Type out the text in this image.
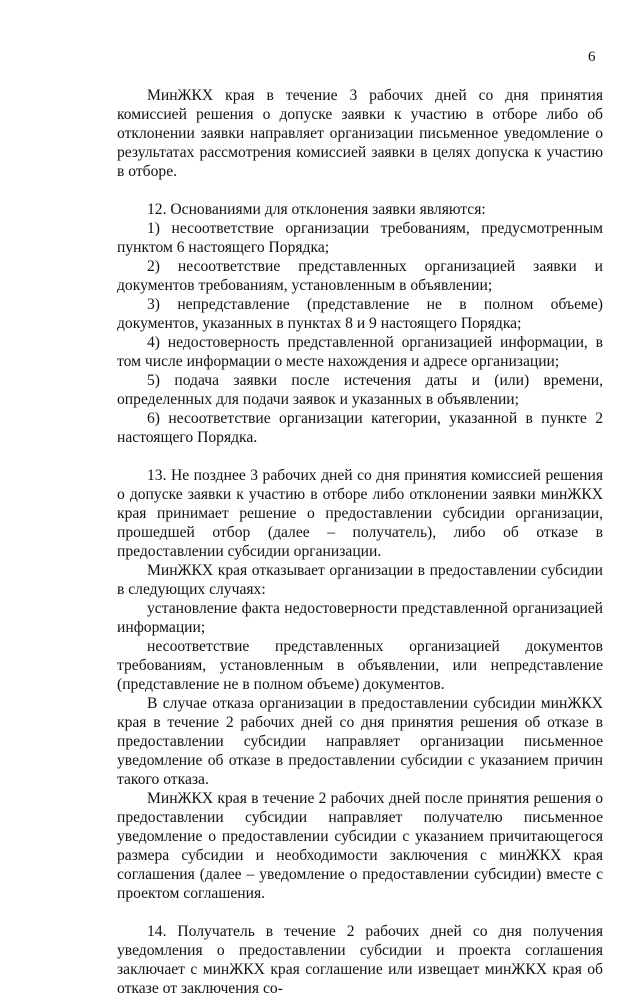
6

МинЖКХ края в течение 3 рабочих дней со дня принятия комиссией решения о допуске заявки к участию в отборе либо об отклонении заявки направляет организации письменное уведомление о результатах рассмотрения комиссией заявки в целях допуска к участию в отборе.

12. Основаниями для отклонения заявки являются:

1) несоответствие организации требованиям, предусмотренным пунктом 6 настоящего Порядка;

2) несоответствие представленных организацией заявки и документов требованиям, установленным в объявлении;

3) непредставление (представление не в полном объеме) документов, указанных в пунктах 8 и 9 настоящего Порядка;

4) недостоверность представленной организацией информации, в том числе информации о месте нахождения и адресе организации;

5) подача заявки после истечения даты и (или) времени, определенных для подачи заявок и указанных в объявлении;

6) несоответствие организации категории, указанной в пункте 2 настоящего Порядка.

13. Не позднее 3 рабочих дней со дня принятия комиссией решения о допуске заявки к участию в отборе либо отклонении заявки минЖКХ края принимает решение о предоставлении субсидии организации, прошедшей отбор (далее – получатель), либо об отказе в предоставлении субсидии организации.

МинЖКХ края отказывает организации в предоставлении субсидии в следующих случаях:

установление факта недостоверности представленной организацией информации;

несоответствие представленных организацией документов требованиям, установленным в объявлении, или непредставление (представление не в полном объеме) документов.

В случае отказа организации в предоставлении субсидии минЖКХ края в течение 2 рабочих дней со дня принятия решения об отказе в предоставлении субсидии направляет организации письменное уведомление об отказе в предоставлении субсидии с указанием причин такого отказа.

МинЖКХ края в течение 2 рабочих дней после принятия решения о предоставлении субсидии направляет получателю письменное уведомление о предоставлении субсидии с указанием причитающегося размера субсидии и необходимости заключения с минЖКХ края соглашения (далее – уведомление о предоставлении субсидии) вместе с проектом соглашения.

14. Получатель в течение 2 рабочих дней со дня получения уведомления о предоставлении субсидии и проекта соглашения заключает с минЖКХ края соглашение или извещает минЖКХ края об отказе от заключения со-
